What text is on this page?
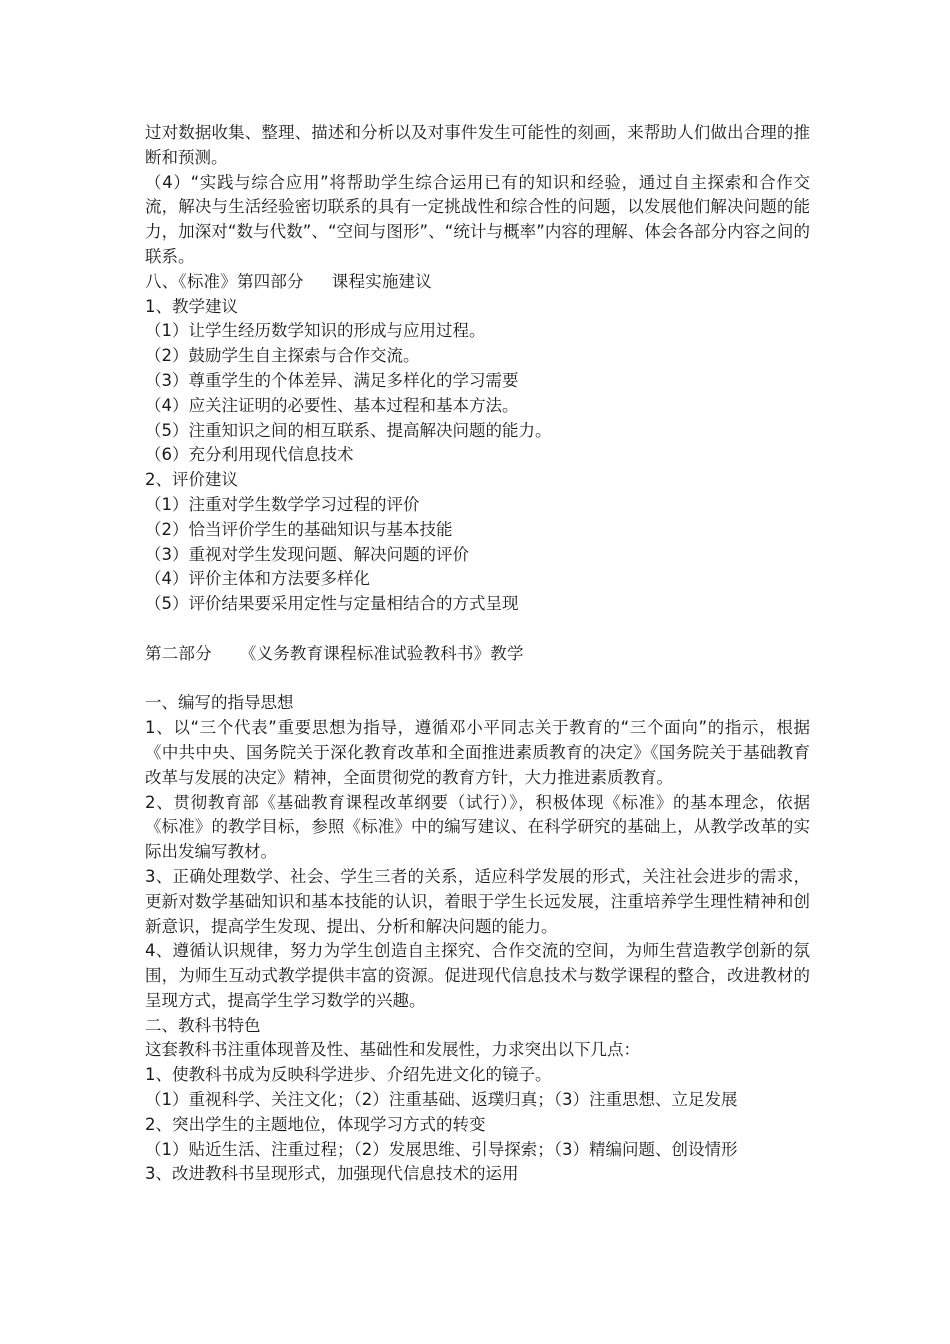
过对数据收集、整理、描述和分析以及对事件发生可能性的刻画，来帮助人们做出合理的推断和预测。
（4）“实践与综合应用”将帮助学生综合运用已有的知识和经验，通过自主探索和合作交流，解决与生活经验密切联系的具有一定挑战性和综合性的问题，以发展他们解决问题的能力，加深对“数与代数”、“空间与图形”、“统计与概率”内容的理解、体会各部分内容之间的联系。
八、《标准》第四部分 课程实施建议
1、教学建议
（1）让学生经历数学知识的形成与应用过程。
（2）鼓励学生自主探索与合作交流。
（3）尊重学生的个体差异、满足多样化的学习需要
（4）应关注证明的必要性、基本过程和基本方法。
（5）注重知识之间的相互联系、提高解决问题的能力。
（6）充分利用现代信息技术
2、评价建议
（1）注重对学生数学学习过程的评价
（2）恰当评价学生的基础知识与基本技能
（3）重视对学生发现问题、解决问题的评价
（4）评价主体和方法要多样化
（5）评价结果要采用定性与定量相结合的方式呈现
第二部分 《义务教育课程标准试验教科书》教学
一、编写的指导思想
1、以“三个代表”重要思想为指导，遵循邓小平同志关于教育的“三个面向”的指示，根据《中共中央、国务院关于深化教育改革和全面推进素质教育的决定》《国务院关于基础教育改革与发展的决定》精神，全面贯彻党的教育方针，大力推进素质教育。
2、贯彻教育部《基础教育课程改革纲要（试行）》，积极体现《标准》的基本理念，依据《标准》的教学目标，参照《标准》中的编写建议、在科学研究的基础上，从教学改革的实际出发编写教材。
3、正确处理数学、社会、学生三者的关系，适应科学发展的形式，关注社会进步的需求，更新对数学基础知识和基本技能的认识，着眼于学生长远发展，注重培养学生理性精神和创新意识，提高学生发现、提出、分析和解决问题的能力。
4、遵循认识规律，努力为学生创造自主探究、合作交流的空间，为师生营造教学创新的氛围，为师生互动式教学提供丰富的资源。促进现代信息技术与数学课程的整合，改进教材的呈现方式，提高学生学习数学的兴趣。
二、教科书特色
这套教科书注重体现普及性、基础性和发展性，力求突出以下几点：
1、使教科书成为反映科学进步、介绍先进文化的镜子。
（1）重视科学、关注文化；（2）注重基础、返璞归真；（3）注重思想、立足发展
2、突出学生的主题地位，体现学习方式的转变
（1）贴近生活、注重过程；（2）发展思维、引导探索；（3）精编问题、创设情形
3、改进教科书呈现形式，加强现代信息技术的运用
